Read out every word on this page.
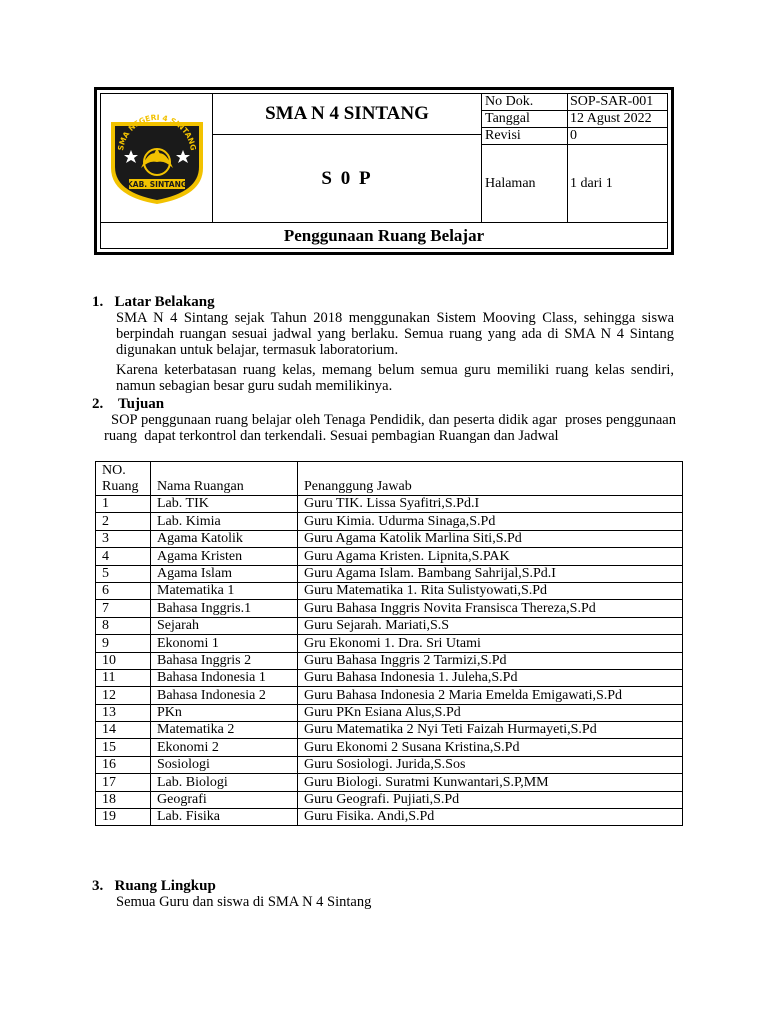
SMA NEGERI 4 SINTANG
KAB. SINTANG
SMA N 4 SINTANG
S 0 P
No Dok.	SOP-SAR-001
Tanggal	12 Agust 2022
Revisi	0
Halaman 1 dari 1
Penggunaan Ruang Belajar
1.   Latar Belakang
SMA N 4 Sintang sejak Tahun 2018 menggunakan Sistem Mooving Class, sehingga siswa berpindah ruangan sesuai jadwal yang berlaku. Semua ruang yang ada di SMA N 4 Sintang digunakan untuk belajar, termasuk laboratorium.
Karena keterbatasan ruang kelas, memang belum semua guru memiliki ruang kelas sendiri, namun sebagian besar guru sudah memilikinya.
2.    Tujuan
SOP penggunaan ruang belajar oleh Tenaga Pendidik, dan peserta didik agar  proses penggunaan ruang  dapat terkontrol dan terkendali. Sesuai pembagian Ruangan dan Jadwal
NO.
Ruang	Nama Ruangan	Penanggung Jawab
1	Lab. TIK	Guru TIK. Lissa Syafitri,S.Pd.I
2	Lab. Kimia	Guru Kimia. Udurma Sinaga,S.Pd
3	Agama Katolik	Guru Agama Katolik Marlina Siti,S.Pd
4	Agama Kristen	Guru Agama Kristen. Lipnita,S.PAK
5	Agama Islam	Guru Agama Islam. Bambang Sahrijal,S.Pd.I
6	Matematika 1	Guru Matematika 1. Rita Sulistyowati,S.Pd
7	Bahasa Inggris.1	Guru Bahasa Inggris Novita Fransisca Thereza,S.Pd
8	Sejarah	Guru Sejarah. Mariati,S.S
9	Ekonomi 1	Gru Ekonomi 1. Dra. Sri Utami
10	Bahasa Inggris 2	Guru Bahasa Inggris 2 Tarmizi,S.Pd
11	Bahasa Indonesia 1	Guru Bahasa Indonesia 1. Juleha,S.Pd
12	Bahasa Indonesia 2	Guru Bahasa Indonesia 2 Maria Emelda Emigawati,S.Pd
13	PKn	Guru PKn Esiana Alus,S.Pd
14	Matematika 2	Guru Matematika 2 Nyi Teti Faizah Hurmayeti,S.Pd
15	Ekonomi 2	Guru Ekonomi 2 Susana Kristina,S.Pd
16	Sosiologi	Guru Sosiologi. Jurida,S.Sos
17	Lab. Biologi	Guru Biologi. Suratmi Kunwantari,S.P,MM
18	Geografi	Guru Geografi. Pujiati,S.Pd
19	Lab. Fisika	Guru Fisika. Andi,S.Pd
3.   Ruang Lingkup
Semua Guru dan siswa di SMA N 4 Sintang
